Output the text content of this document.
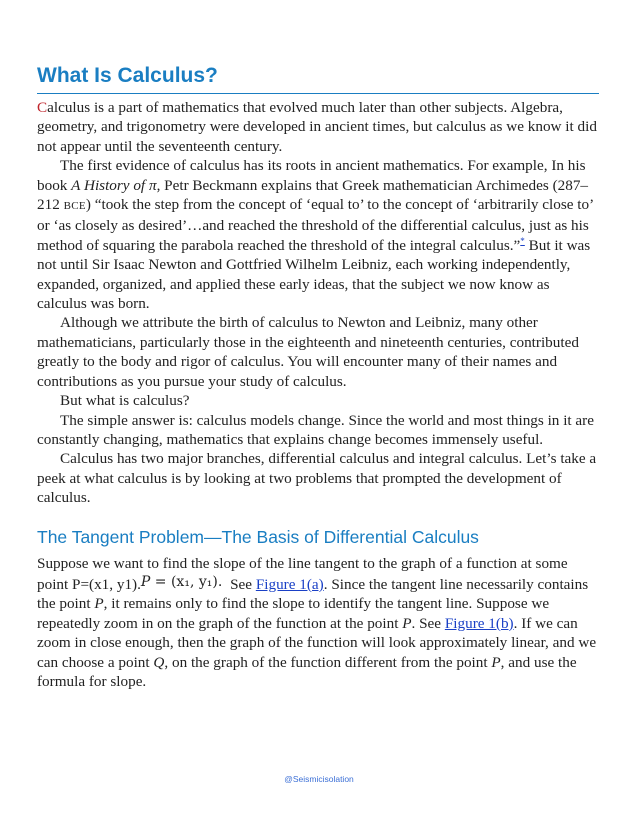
What Is Calculus?

Calculus is a part of mathematics that evolved much later than other subjects. Algebra, geometry, and trigonometry were developed in ancient times, but calculus as we know it did not appear until the seventeenth century.

The first evidence of calculus has its roots in ancient mathematics. For example, In his book A History of π, Petr Beckmann explains that Greek mathematician Archimedes (287–212 BCE) “took the step from the concept of ‘equal to’ to the concept of ‘arbitrarily close to’ or ‘as closely as desired’…and reached the threshold of the differential calculus, just as his method of squaring the parabola reached the threshold of the integral calculus.”* But it was not until Sir Isaac Newton and Gottfried Wilhelm Leibniz, each working independently, expanded, organized, and applied these early ideas, that the subject we now know as calculus was born.

Although we attribute the birth of calculus to Newton and Leibniz, many other mathematicians, particularly those in the eighteenth and nineteenth centuries, contributed greatly to the body and rigor of calculus. You will encounter many of their names and contributions as you pursue your study of calculus.

But what is calculus?

The simple answer is: calculus models change. Since the world and most things in it are constantly changing, mathematics that explains change becomes immensely useful.

Calculus has two major branches, differential calculus and integral calculus. Let’s take a peek at what calculus is by looking at two problems that prompted the development of calculus.

The Tangent Problem—The Basis of Differential Calculus

Suppose we want to find the slope of the line tangent to the graph of a function at some point P=(x1, y1).P = (x₁, y₁). See Figure 1(a). Since the tangent line necessarily contains the point P, it remains only to find the slope to identify the tangent line. Suppose we repeatedly zoom in on the graph of the function at the point P. See Figure 1(b). If we can zoom in close enough, then the graph of the function will look approximately linear, and we can choose a point Q, on the graph of the function different from the point P, and use the formula for slope.

@Seismicisolation
